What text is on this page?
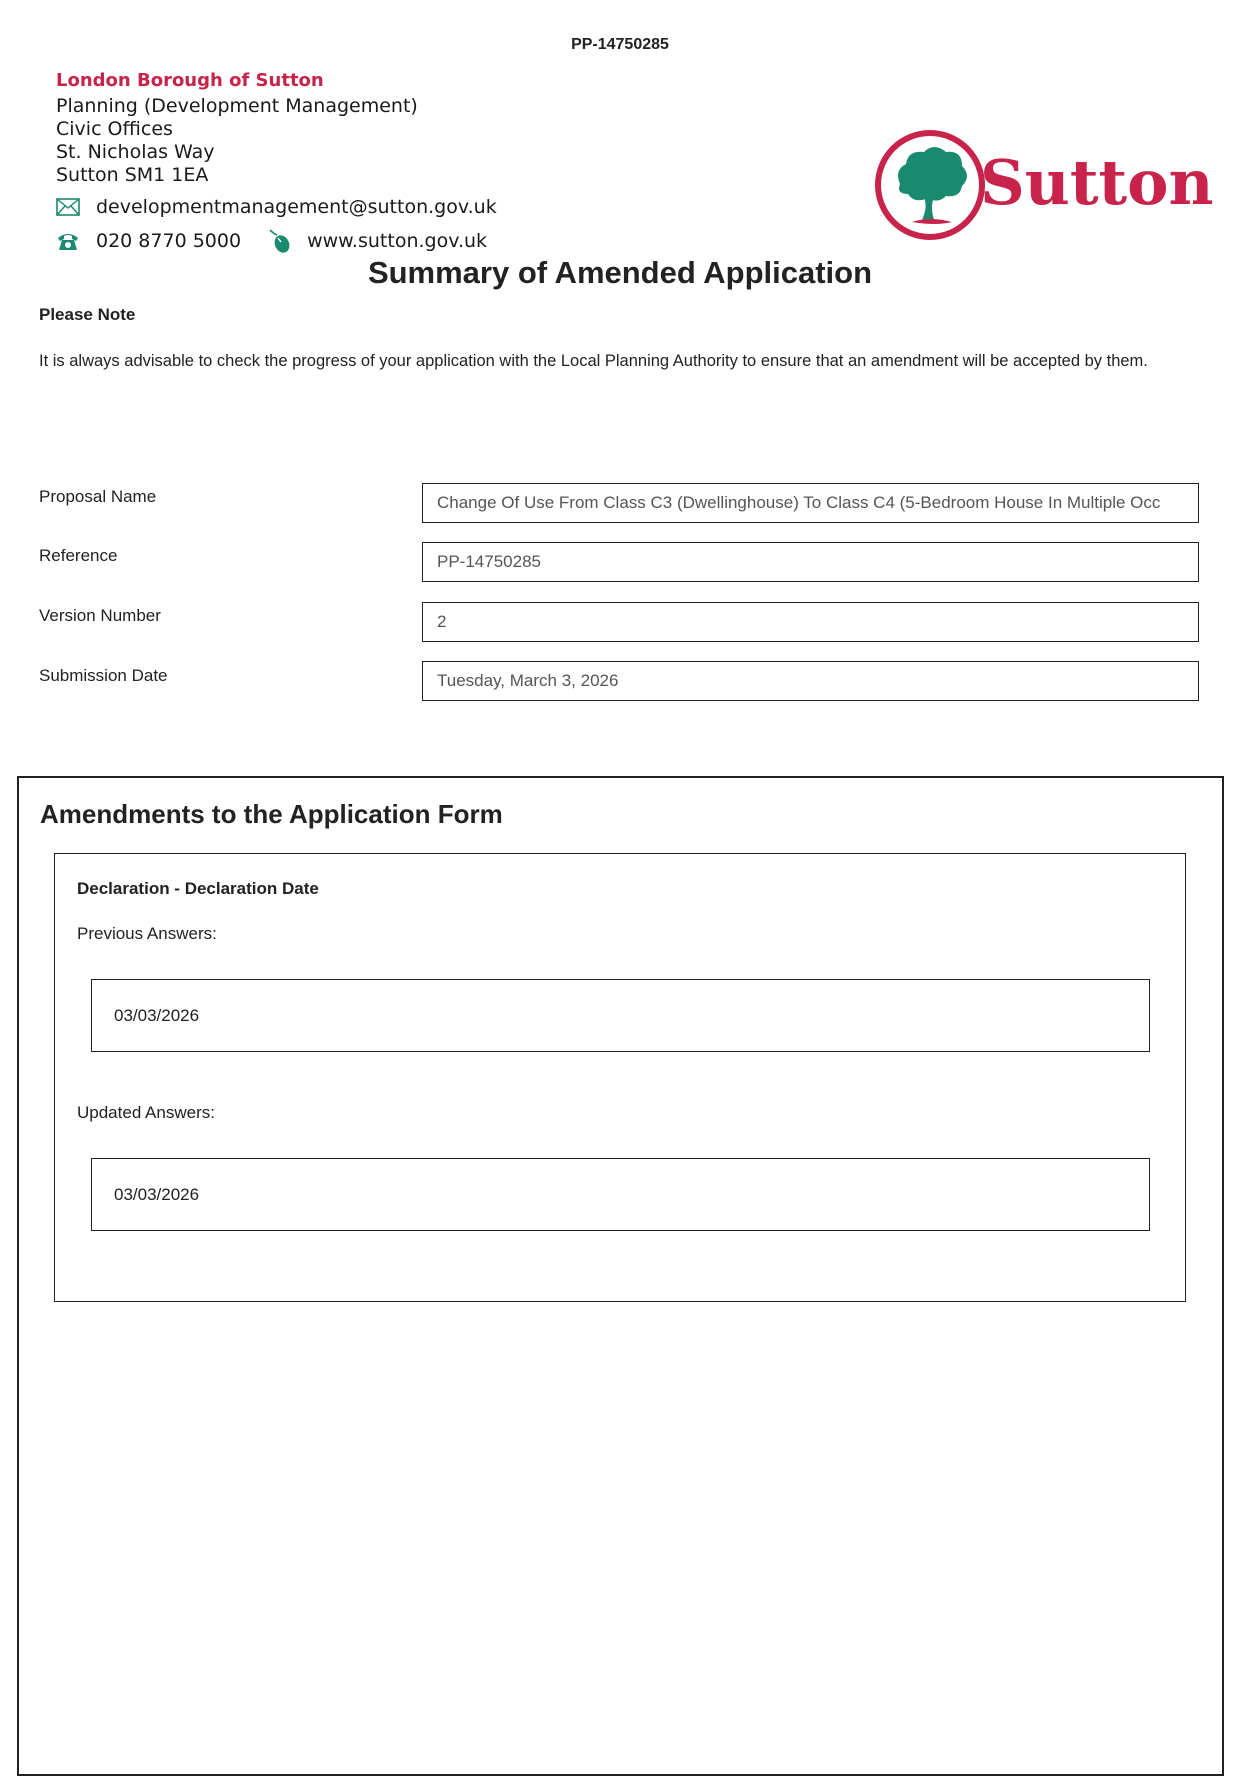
PP-14750285
London Borough of Sutton
Planning (Development Management)
Civic Offices
St. Nicholas Way
Sutton SM1 1EA
developmentmanagement@sutton.gov.uk
020 8770 5000	www.sutton.gov.uk
Sutton
Summary of Amended Application
Please Note
It is always advisable to check the progress of your application with the Local Planning Authority to ensure that an amendment will be accepted by them.
Proposal Name	Change Of Use From Class C3 (Dwellinghouse) To Class C4 (5-Bedroom House In Multiple Occ
Reference	PP-14750285
Version Number	2
Submission Date	Tuesday, March 3, 2026
Amendments to the Application Form
Declaration - Declaration Date
Previous Answers:
03/03/2026
Updated Answers:
03/03/2026
